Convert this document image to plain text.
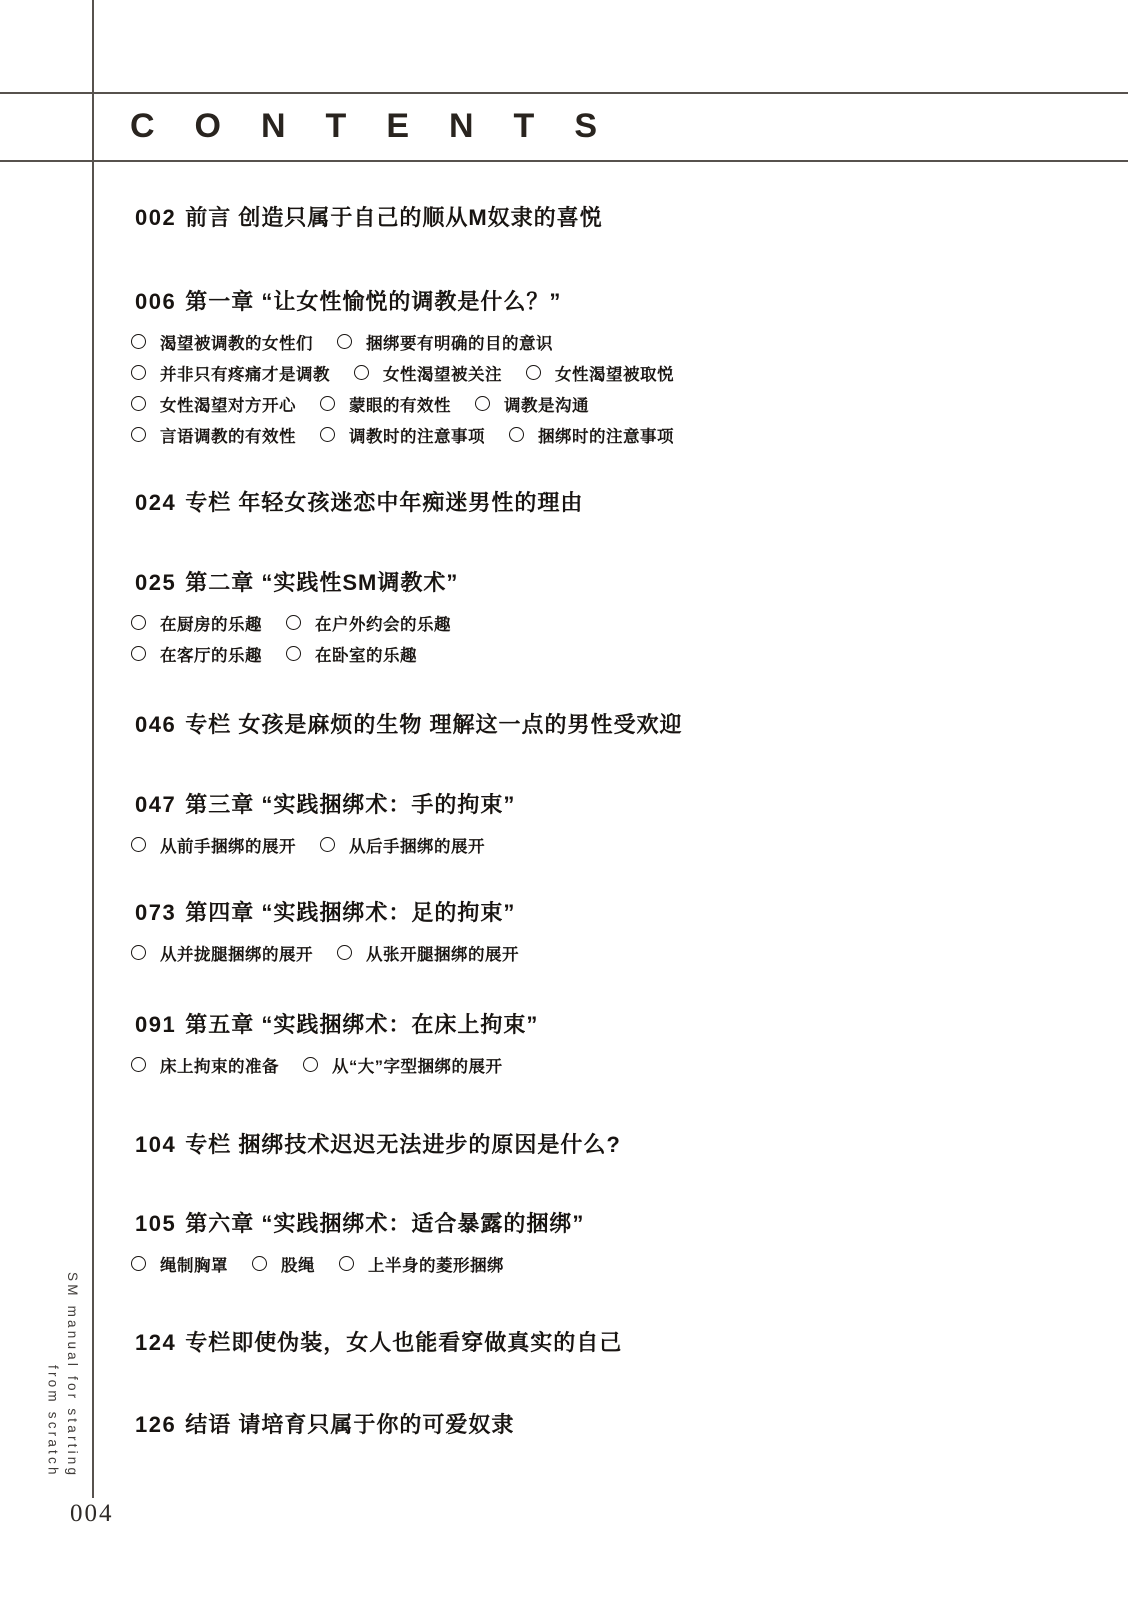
CONTENTS
002 前言 创造只属于自己的顺从M奴隶的喜悦
006 第一章 “让女性愉悦的调教是什么？”
渴望被调教的女性们	捆绑要有明确的目的意识
并非只有疼痛才是调教	女性渴望被关注	女性渴望被取悦
女性渴望对方开心	蒙眼的有效性	调教是沟通
言语调教的有效性	调教时的注意事项	捆绑时的注意事项
024 专栏 年轻女孩迷恋中年痴迷男性的理由
025 第二章 “实践性SM调教术”
在厨房的乐趣	在户外约会的乐趣
在客厅的乐趣	在卧室的乐趣
046 专栏 女孩是麻烦的生物 理解这一点的男性受欢迎
047 第三章 “实践捆绑术：手的拘束”
从前手捆绑的展开	从后手捆绑的展开
073 第四章 “实践捆绑术：足的拘束”
从并拢腿捆绑的展开	从张开腿捆绑的展开
091 第五章 “实践捆绑术：在床上拘束”
床上拘束的准备	从“大”字型捆绑的展开
104 专栏 捆绑技术迟迟无法进步的原因是什么?
105 第六章 “实践捆绑术：适合暴露的捆绑”
绳制胸罩	股绳	上半身的菱形捆绑
124 专栏即使伪装，女人也能看穿做真实的自己
126 结语 请培育只属于你的可爱奴隶
SM manual for starting
from scratch
004
